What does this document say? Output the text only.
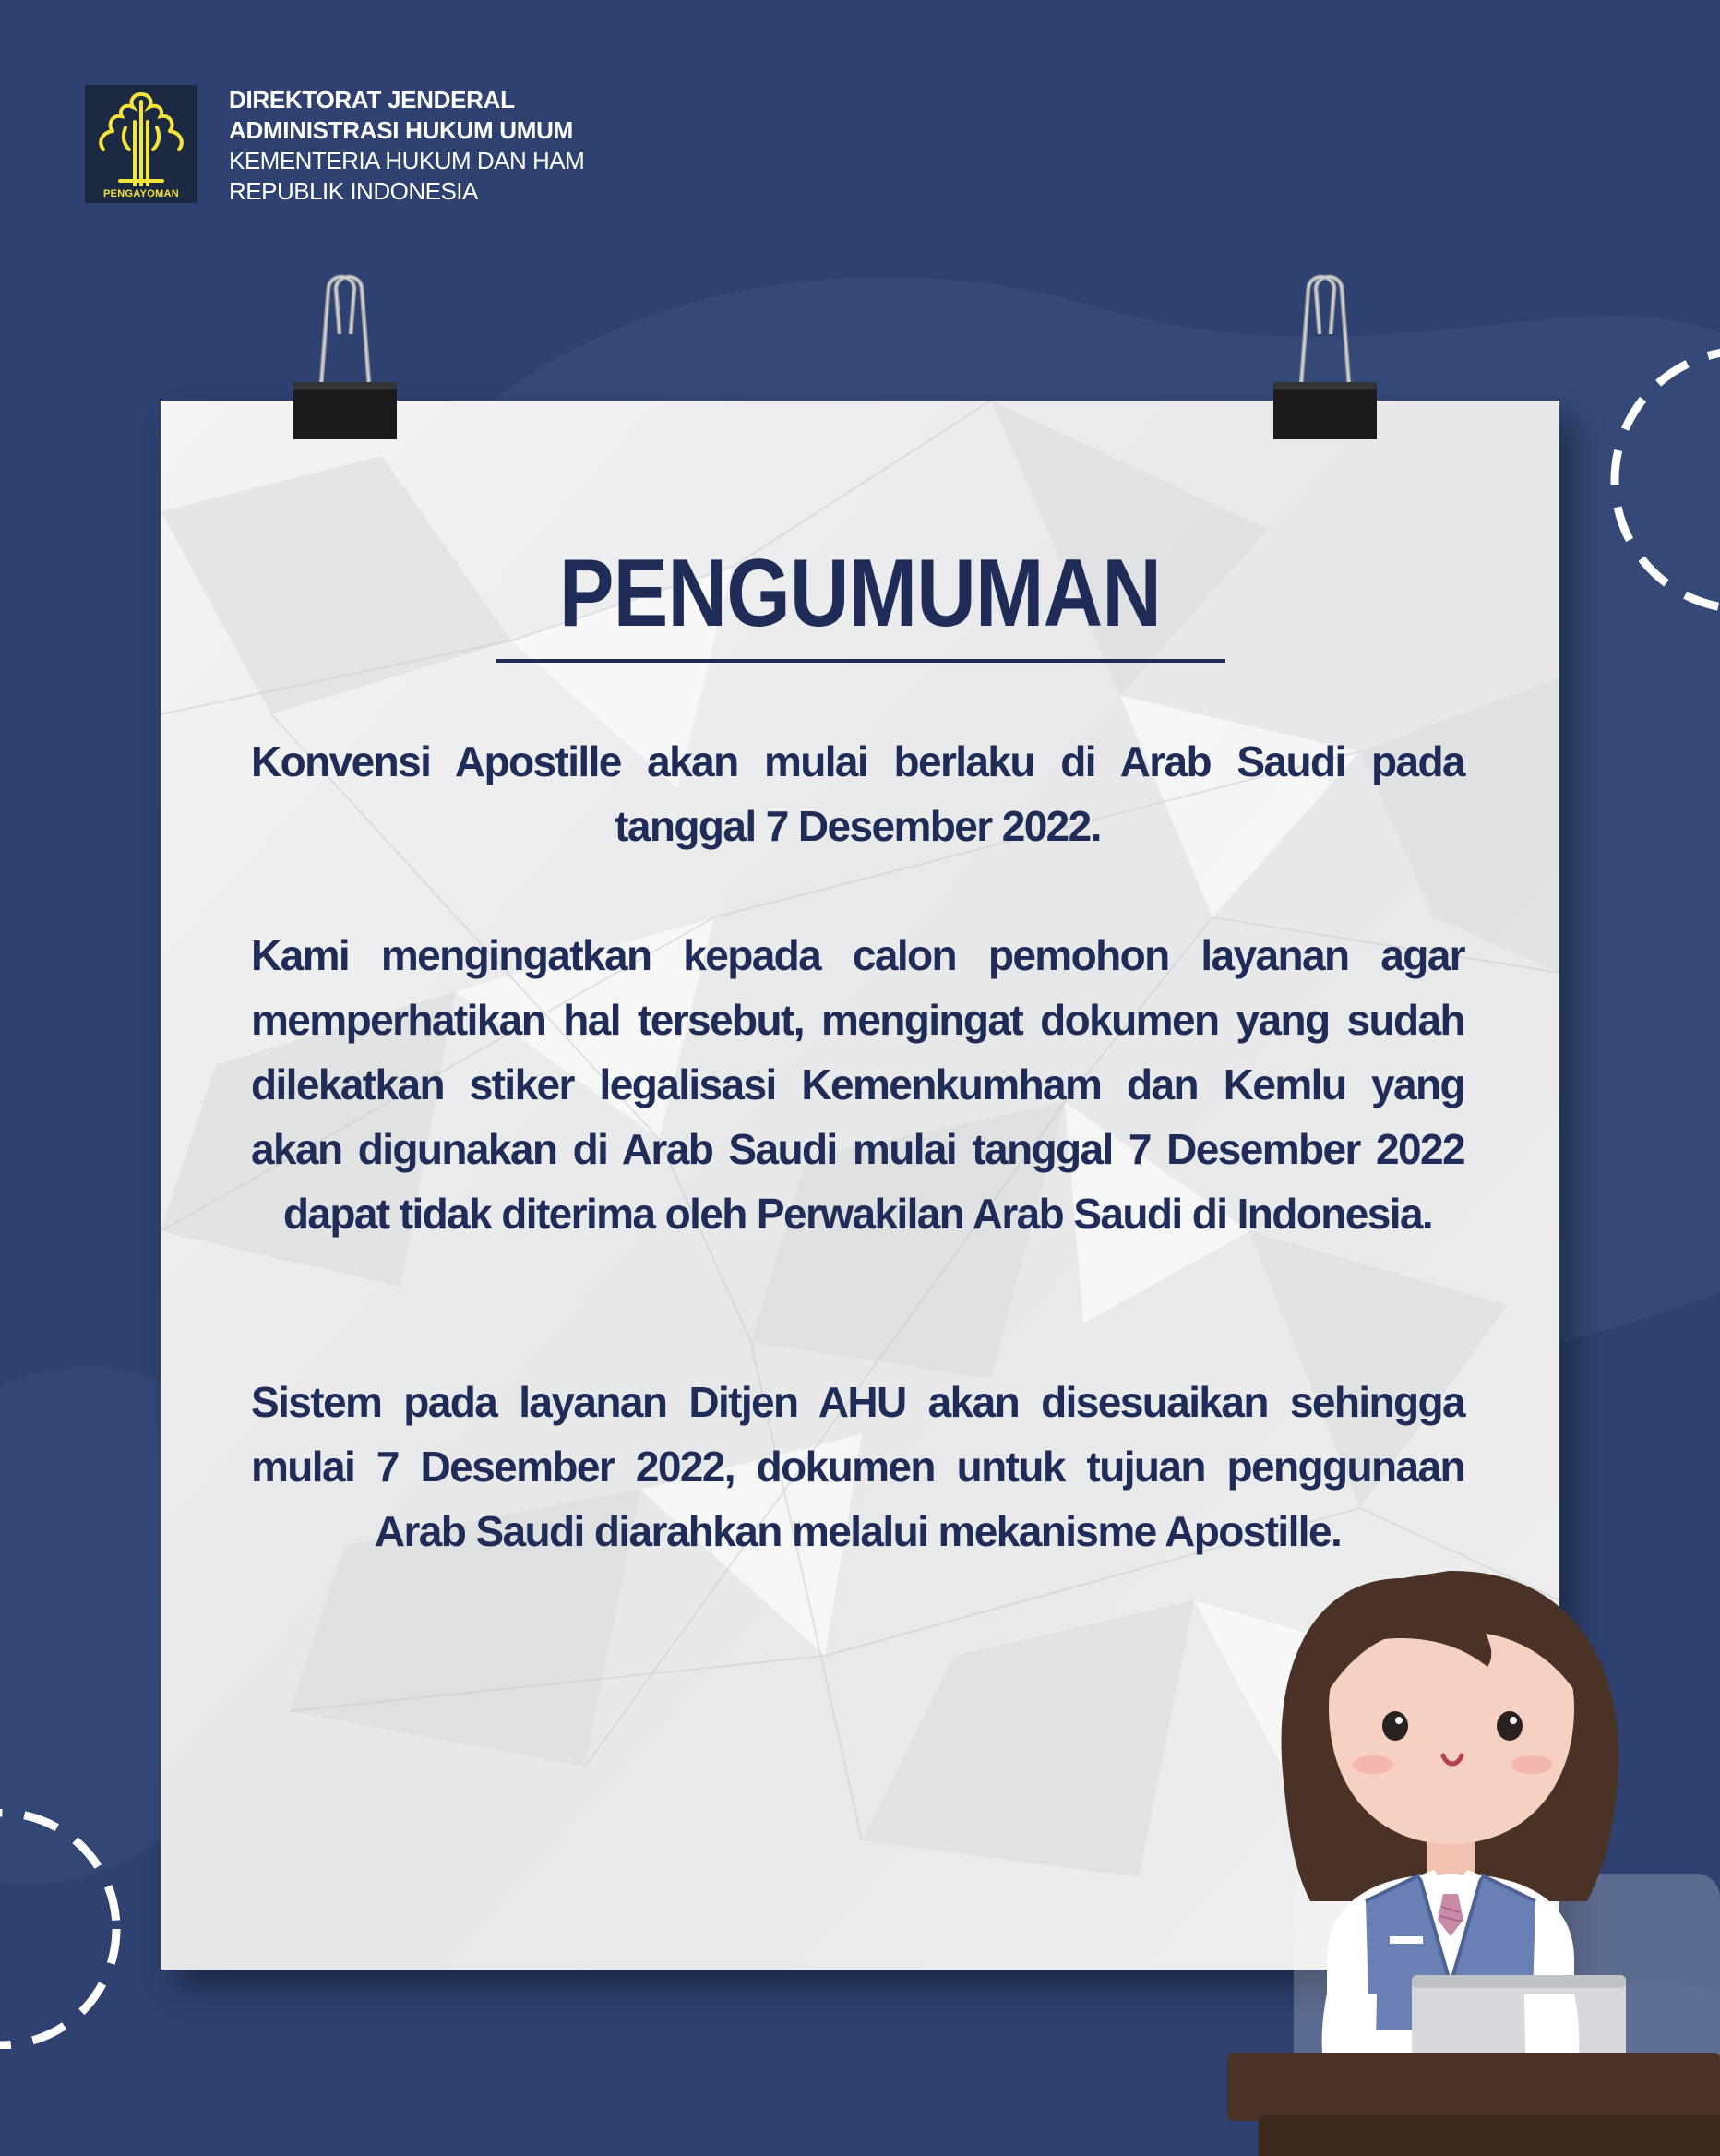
PENGAYOMAN
DIREKTORAT JENDERAL
ADMINISTRASI HUKUM UMUM
KEMENTERIA HUKUM DAN HAM
REPUBLIK INDONESIA
PENGUMUMAN
Konvensi Apostille akan mulai berlaku di Arab Saudi pada tanggal 7 Desember 2022.
Kami mengingatkan kepada calon pemohon layanan agar memperhatikan hal tersebut, mengingat dokumen yang sudah dilekatkan stiker legalisasi Kemenkumham dan Kemlu yang akan digunakan di Arab Saudi mulai tanggal 7 Desember 2022 dapat tidak diterima oleh Perwakilan Arab Saudi di Indonesia.
Sistem pada layanan Ditjen AHU akan disesuaikan sehingga mulai 7 Desember 2022, dokumen untuk tujuan penggunaan Arab Saudi diarahkan melalui mekanisme Apostille.
